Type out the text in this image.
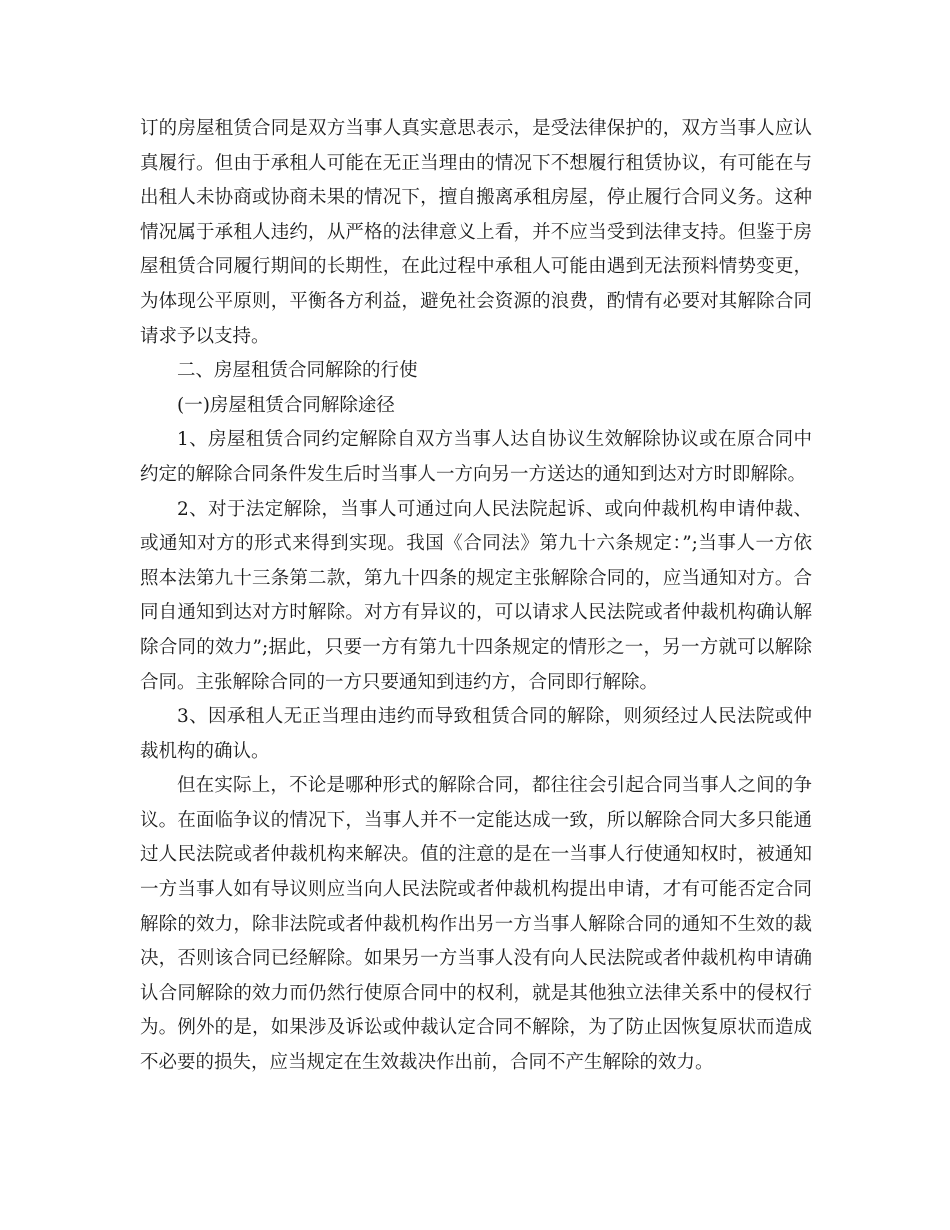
订的房屋租赁合同是双方当事人真实意思表示，是受法律保护的，双方当事人应认真履行。但由于承租人可能在无正当理由的情况下不想履行租赁协议，有可能在与出租人未协商或协商未果的情况下，擅自搬离承租房屋，停止履行合同义务。这种情况属于承租人违约，从严格的法律意义上看，并不应当受到法律支持。但鉴于房屋租赁合同履行期间的长期性，在此过程中承租人可能由遇到无法预料情势变更，为体现公平原则，平衡各方利益，避免社会资源的浪费，酌情有必要对其解除合同请求予以支持。

二、房屋租赁合同解除的行使

(一)房屋租赁合同解除途径

1、房屋租赁合同约定解除自双方当事人达自协议生效解除协议或在原合同中约定的解除合同条件发生后时当事人一方向另一方送达的通知到达对方时即解除。

2、对于法定解除，当事人可通过向人民法院起诉、或向仲裁机构申请仲裁、或通知对方的形式来得到实现。我国《合同法》第九十六条规定：”;当事人一方依照本法第九十三条第二款，第九十四条的规定主张解除合同的，应当通知对方。合同自通知到达对方时解除。对方有异议的，可以请求人民法院或者仲裁机构确认解除合同的效力”;据此，只要一方有第九十四条规定的情形之一，另一方就可以解除合同。主张解除合同的一方只要通知到违约方，合同即行解除。

3、因承租人无正当理由违约而导致租赁合同的解除，则须经过人民法院或仲裁机构的确认。

但在实际上，不论是哪种形式的解除合同，都往往会引起合同当事人之间的争议。在面临争议的情况下，当事人并不一定能达成一致，所以解除合同大多只能通过人民法院或者仲裁机构来解决。值的注意的是在一当事人行使通知权时，被通知一方当事人如有导议则应当向人民法院或者仲裁机构提出申请，才有可能否定合同解除的效力，除非法院或者仲裁机构作出另一方当事人解除合同的通知不生效的裁决，否则该合同已经解除。如果另一方当事人没有向人民法院或者仲裁机构申请确认合同解除的效力而仍然行使原合同中的权利，就是其他独立法律关系中的侵权行为。例外的是，如果涉及诉讼或仲裁认定合同不解除，为了防止因恢复原状而造成不必要的损失，应当规定在生效裁决作出前，合同不产生解除的效力。
